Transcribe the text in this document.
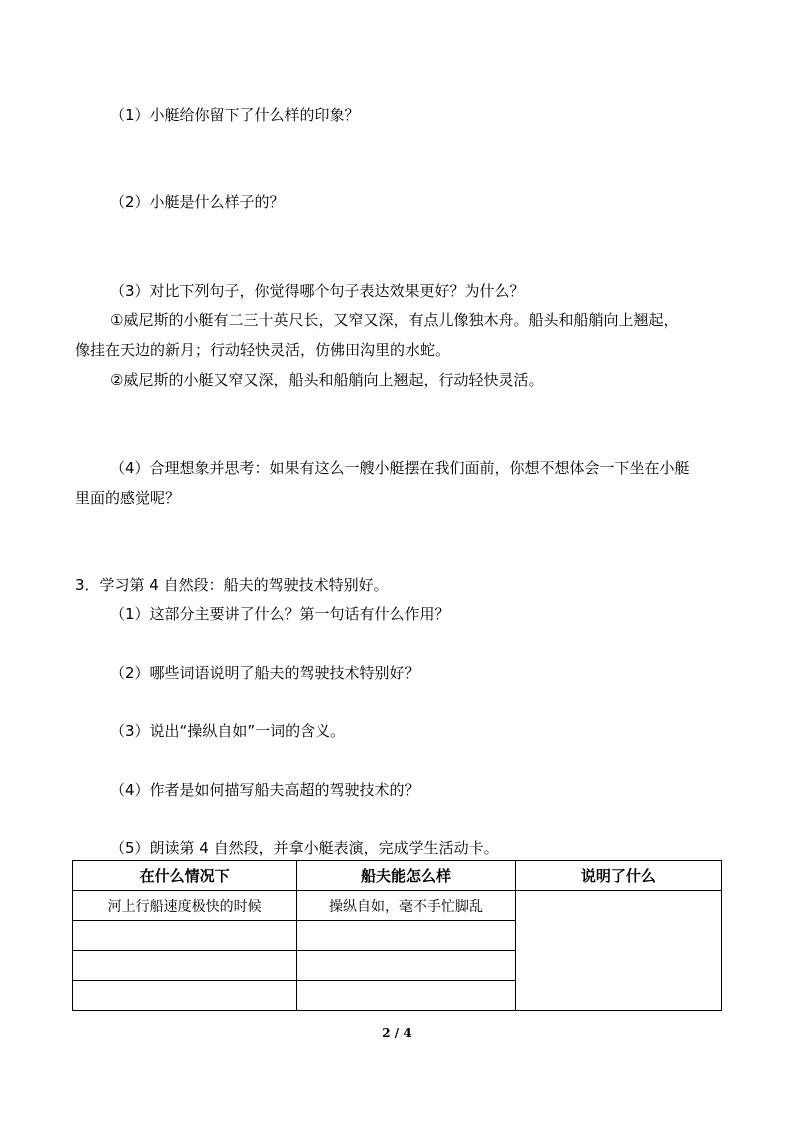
（1）小艇给你留下了什么样的印象？
（2）小艇是什么样子的？
（3）对比下列句子，你觉得哪个句子表达效果更好？为什么？
①威尼斯的小艇有二三十英尺长，又窄又深，有点儿像独木舟。船头和船艄向上翘起，
像挂在天边的新月；行动轻快灵活，仿佛田沟里的水蛇。
②威尼斯的小艇又窄又深，船头和船艄向上翘起，行动轻快灵活。
（4）合理想象并思考：如果有这么一艘小艇摆在我们面前，你想不想体会一下坐在小艇
里面的感觉呢？
3．学习第 4 自然段：船夫的驾驶技术特别好。
（1）这部分主要讲了什么？第一句话有什么作用？
（2）哪些词语说明了船夫的驾驶技术特别好？
（3）说出“操纵自如”一词的含义。
（4）作者是如何描写船夫高超的驾驶技术的？
（5）朗读第 4 自然段，并拿小艇表演，完成学生活动卡。
在什么情况下	船夫能怎么样	说明了什么
河上行船速度极快的时候	操纵自如，毫不手忙脚乱	

2 / 4
